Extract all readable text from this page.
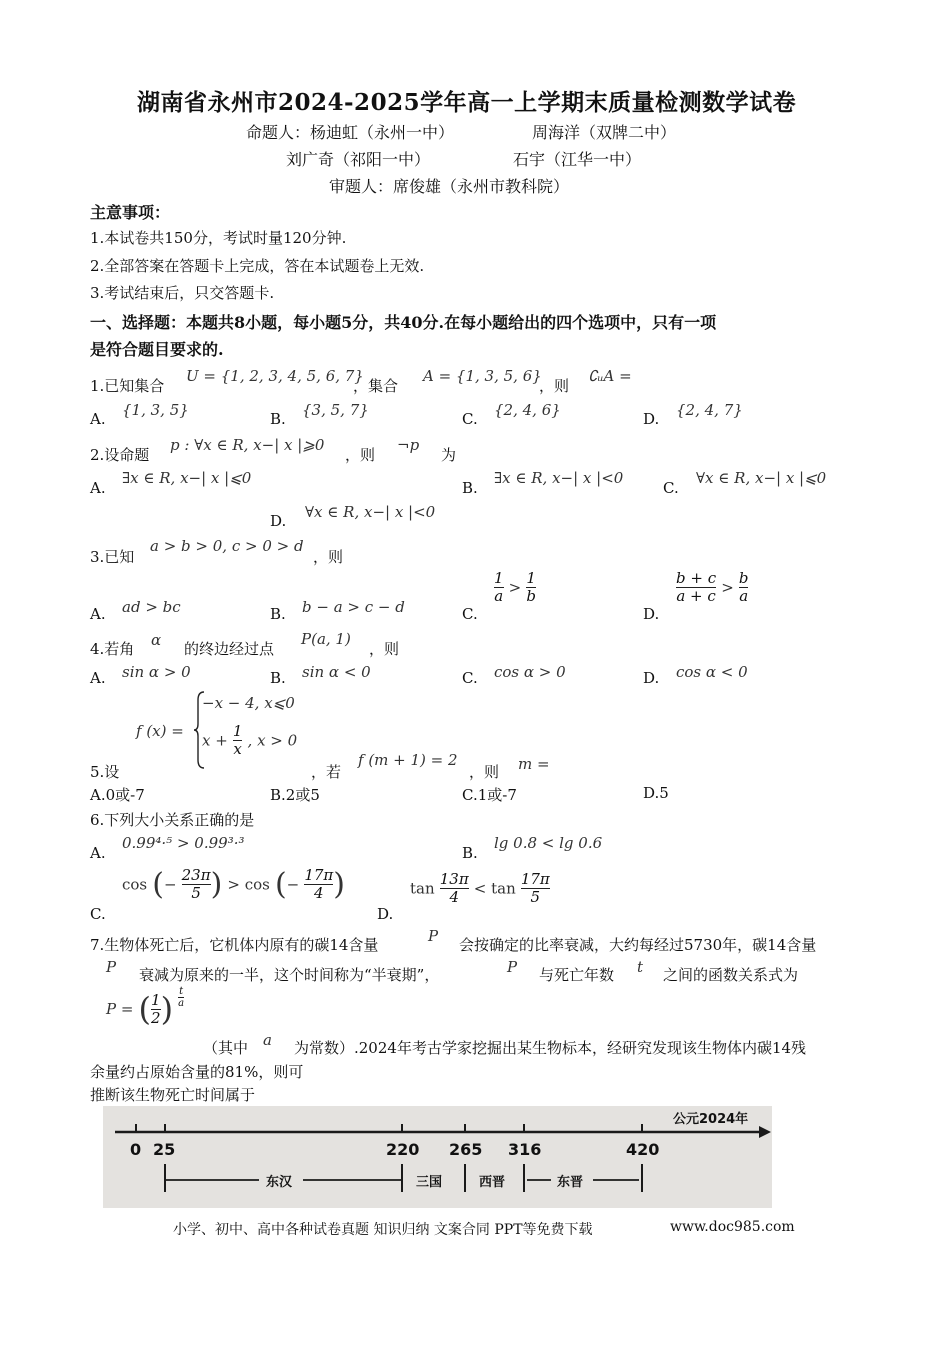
湖南省永州市2024-2025学年高一上学期末质量检测数学试卷
命题人：杨迪虹（永州一中）	周海洋（双牌二中）
刘广奇（祁阳一中）	石宇（江华一中）
审题人：席俊雄（永州市教科院）
主意事项：
1.本试卷共150分，考试时量120分钟.
2.全部答案在答题卡上完成，答在本试题卷上无效.
3.考试结束后，只交答题卡.
一、选择题：本题共8小题，每小题5分，共40分.在每小题给出的四个选项中，只有一项
是符合题目要求的.
1.已知集合
U = {1, 2, 3, 4, 5, 6, 7}
，集合
A = {1, 3, 5, 6}
，则
∁ᵤA =
A. {1, 3, 5}	B. {3, 5, 7}	C. {2, 4, 6}	D. {2, 4, 7}
2.设命题
p : ∀x ∈ R, x−| x |⩾0
，则
¬p
为
A.
∃x ∈ R, x−| x |⩽0
B.
∃x ∈ R, x−| x |<0
C.
∀x ∈ R, x−| x |⩽0
D. ∀x ∈ R, x−| x |<0
3.已知
a > b > 0, c > 0 > d
，则
A. ad > bc	B. b − a > c − d	C.
$\frac{1}{a} > \frac{1}{b}$
D.
$\frac{b + c}{a + c} > \frac{b}{a}$
4.若角 α 的终边经过点
P(a, 1)
，则
A. sin α > 0	B. sin α < 0	C. cos α > 0	D. cos α < 0
f (x) =
−x − 4, x⩽0
$x + \frac{1}{x}$ , x > 0
5.设	，若
f (m + 1) = 2
，则 m =
A.0或-7	B.2或5	C.1或-7	D.5
6.下列大小关系正确的是
A.
0.99⁴·⁵ > 0.99³·³
B.
lg 0.8 < lg 0.6
C.
cos (− $\frac{23\pi}{5}$ ) > cos (− $\frac{17\pi}{4}$ )
D.
$\tan \frac{13\pi}{4} < \tan \frac{17\pi}{5}$
7.生物体死亡后，它机体内原有的碳14含量	P 会按确定的比率衰减，大约每经过5730年，碳14含量
P 衰减为原来的一半，这个时间称为“半衰期”，	P 与死亡年数 t 之间的函数关系式为
P = ( $\frac{1}{2}$ ) $\frac{t}{a}$
（其中 a 为常数）.2024年考古学家挖掘出某生物标本，经研究发现该生物体内碳14残
余量约占原始含量的81%，则可
推断该生物死亡时间属于
公元2024年
0 25	220 265 316	420
东汉	三国	西晋	东晋
小学、初中、高中各种试卷真题 知识归纳 文案合同 PPT等免费下载	www.doc985.com
